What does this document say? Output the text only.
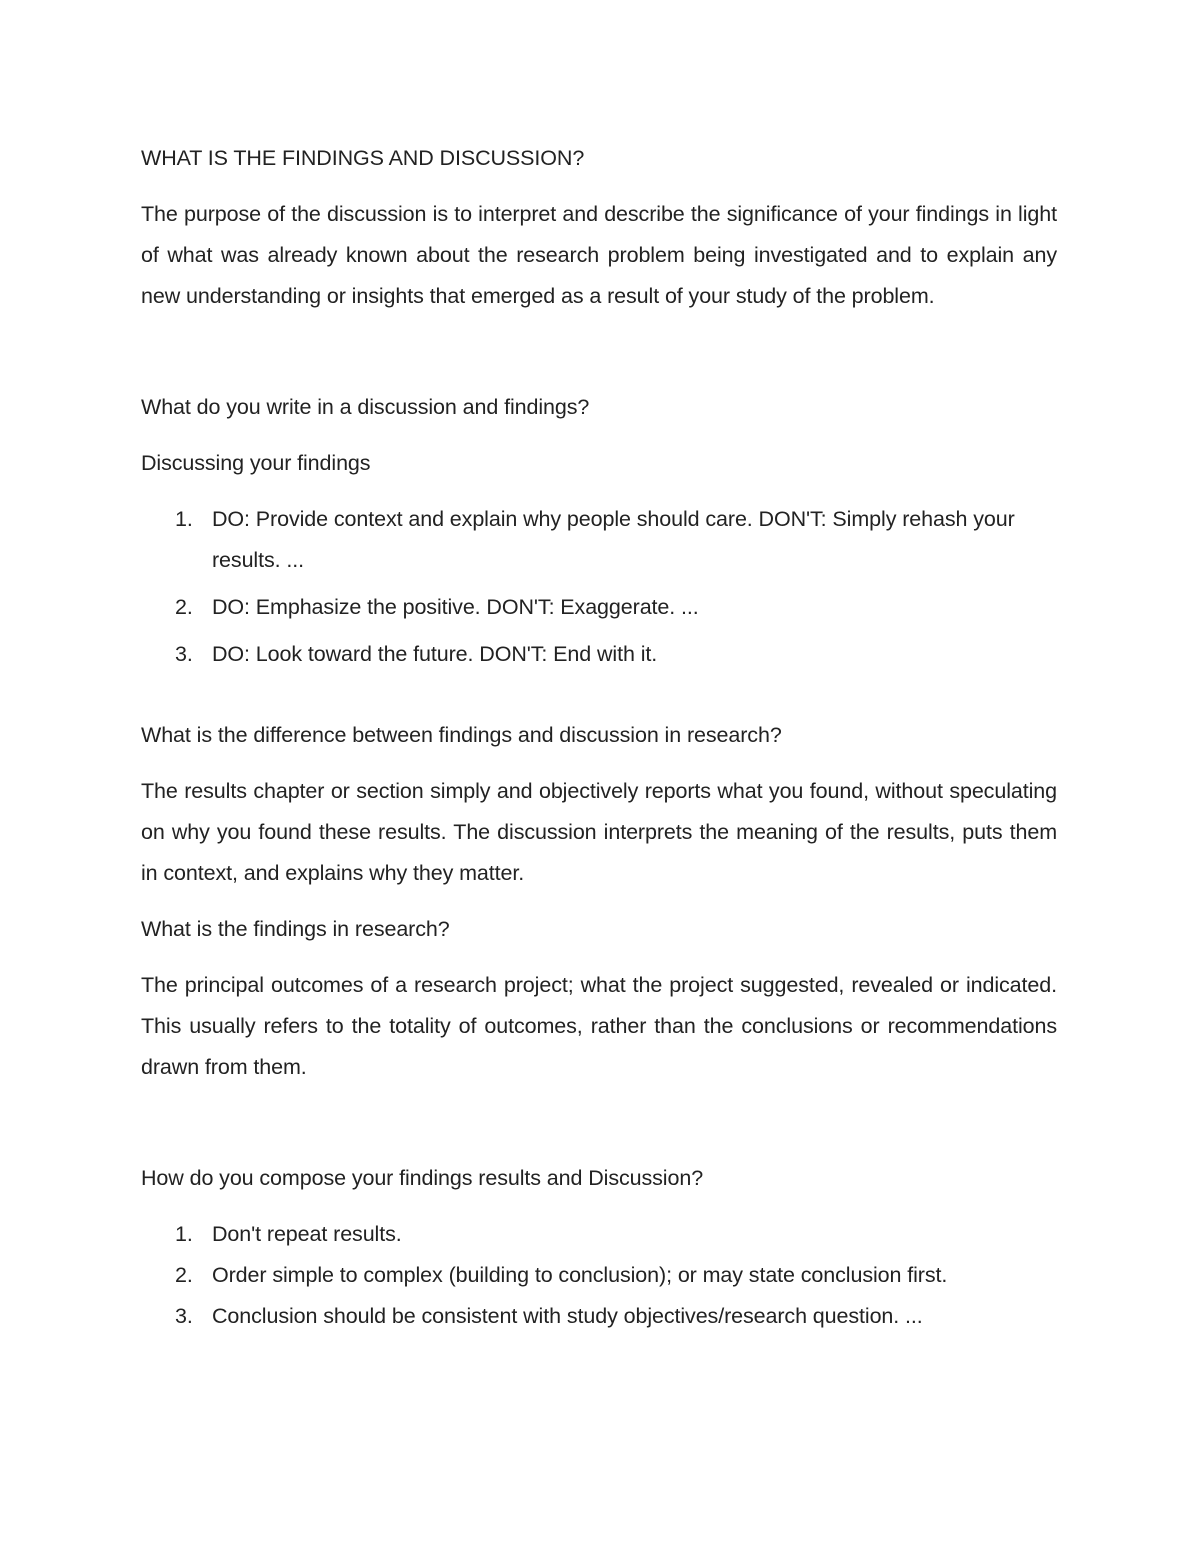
WHAT IS THE FINDINGS AND DISCUSSION?

The purpose of the discussion is to interpret and describe the significance of your findings in light of what was already known about the research problem being investigated and to explain any new understanding or insights that emerged as a result of your study of the problem.

What do you write in a discussion and findings?

Discussing your findings

1. DO: Provide context and explain why people should care. DON'T: Simply rehash your results. ...
2. DO: Emphasize the positive. DON'T: Exaggerate. ...
3. DO: Look toward the future. DON'T: End with it.

What is the difference between findings and discussion in research?

The results chapter or section simply and objectively reports what you found, without speculating on why you found these results. The discussion interprets the meaning of the results, puts them in context, and explains why they matter.

What is the findings in research?

The principal outcomes of a research project; what the project suggested, revealed or indicated. This usually refers to the totality of outcomes, rather than the conclusions or recommendations drawn from them.

How do you compose your findings results and Discussion?

1. Don't repeat results.
2. Order simple to complex (building to conclusion); or may state conclusion first.
3. Conclusion should be consistent with study objectives/research question. ...
